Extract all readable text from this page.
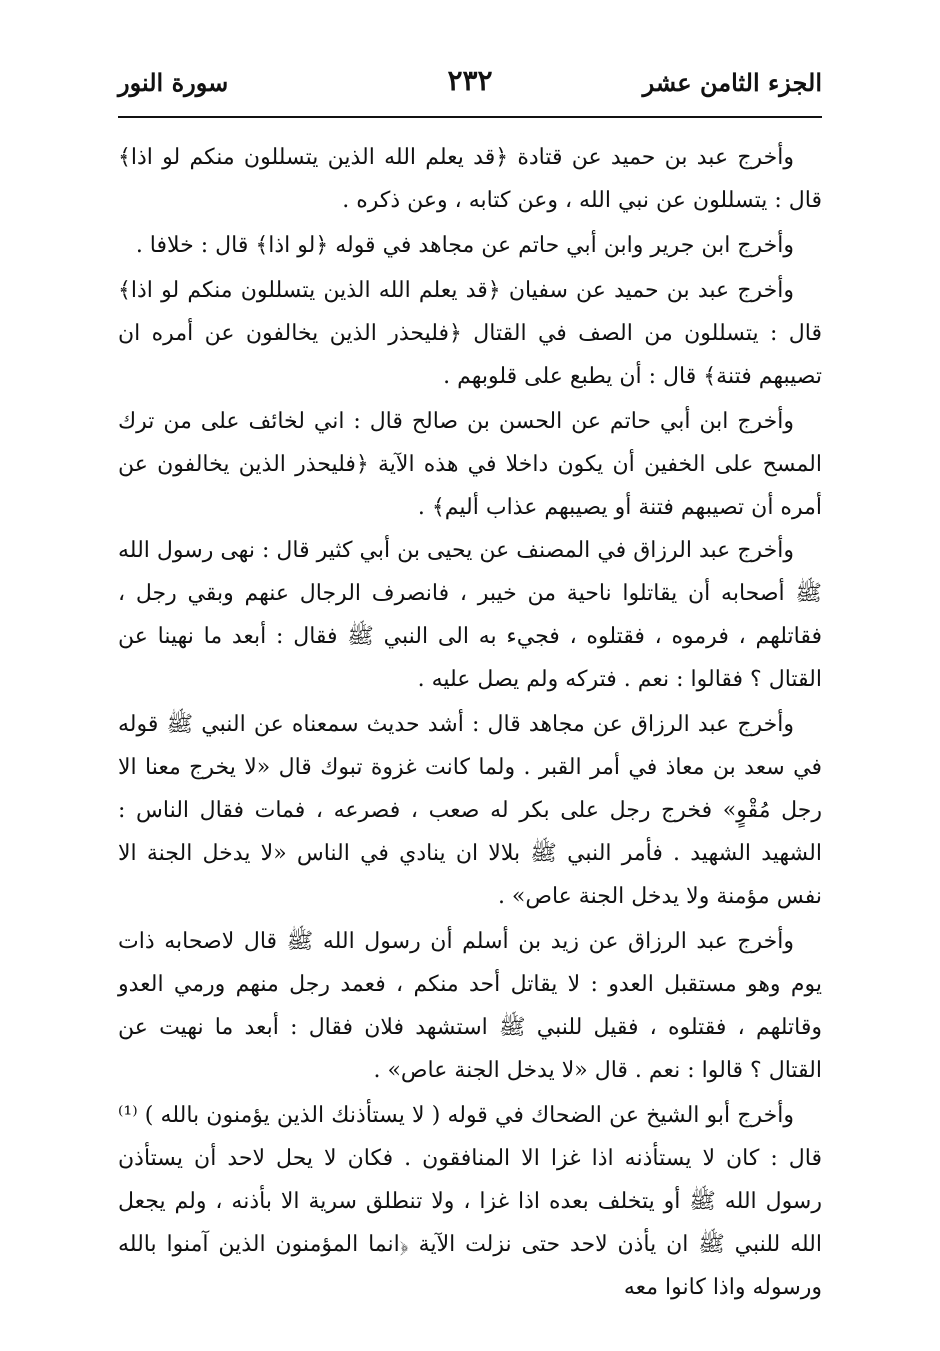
الجزء الثامن عشر
٢٣٢
سورة النور

وأخرج عبد بن حميد عن قتادة ﴿قد يعلم الله الذين يتسللون منكم لو اذا﴾ قال : يتسللون عن نبي الله ، وعن كتابه ، وعن ذكره .

وأخرج ابن جرير وابن أبي حاتم عن مجاهد في قوله ﴿لو اذا﴾ قال : خلافا .

وأخرج عبد بن حميد عن سفيان ﴿قد يعلم الله الذين يتسللون منكم لو اذا﴾ قال : يتسللون من الصف في القتال ﴿فليحذر الذين يخالفون عن أمره ان تصيبهم فتنة﴾ قال : أن يطبع على قلوبهم .

وأخرج ابن أبي حاتم عن الحسن بن صالح قال : اني لخائف على من ترك المسح على الخفين أن يكون داخلا في هذه الآية ﴿فليحذر الذين يخالفون عن أمره أن تصيبهم فتنة أو يصيبهم عذاب أليم﴾ .

وأخرج عبد الرزاق في المصنف عن يحيى بن أبي كثير قال : نهى رسول الله ﷺ أصحابه أن يقاتلوا ناحية من خيبر ، فانصرف الرجال عنهم وبقي رجل ، فقاتلهم ، فرموه ، فقتلوه ، فجيء به الى النبي ﷺ فقال : أبعد ما نهينا عن القتال ؟ فقالوا : نعم . فتركه ولم يصل عليه .

وأخرج عبد الرزاق عن مجاهد قال : أشد حديث سمعناه عن النبي ﷺ قوله في سعد بن معاذ في أمر القبر . ولما كانت غزوة تبوك قال «لا يخرج معنا الا رجل مُقْوٍ» فخرج رجل على بكر له صعب ، فصرعه ، فمات فقال الناس : الشهيد الشهيد . فأمر النبي ﷺ بلالا ان ينادي في الناس «لا يدخل الجنة الا نفس مؤمنة ولا يدخل الجنة عاص» .

وأخرج عبد الرزاق عن زيد بن أسلم أن رسول الله ﷺ قال لاصحابه ذات يوم وهو مستقبل العدو : لا يقاتل أحد منكم ، فعمد رجل منهم ورمي العدو وقاتلهم ، فقتلوه ، فقيل للنبي ﷺ استشهد فلان فقال : أبعد ما نهيت عن القتال ؟ قالوا : نعم . قال «لا يدخل الجنة عاص» .

وأخرج أبو الشيخ عن الضحاك في قوله ( لا يستأذنك الذين يؤمنون بالله ) ⁽¹⁾ قال : كان لا يستأذنه اذا غزا الا المنافقون . فكان لا يحل لاحد أن يستأذن رسول الله ﷺ أو يتخلف بعده اذا غزا ، ولا تنطلق سرية الا بأذنه ، ولم يجعل الله للنبي ﷺ ان يأذن لاحد حتى نزلت الآية ﴿انما المؤمنون الذين آمنوا بالله ورسوله واذا كانوا معه
